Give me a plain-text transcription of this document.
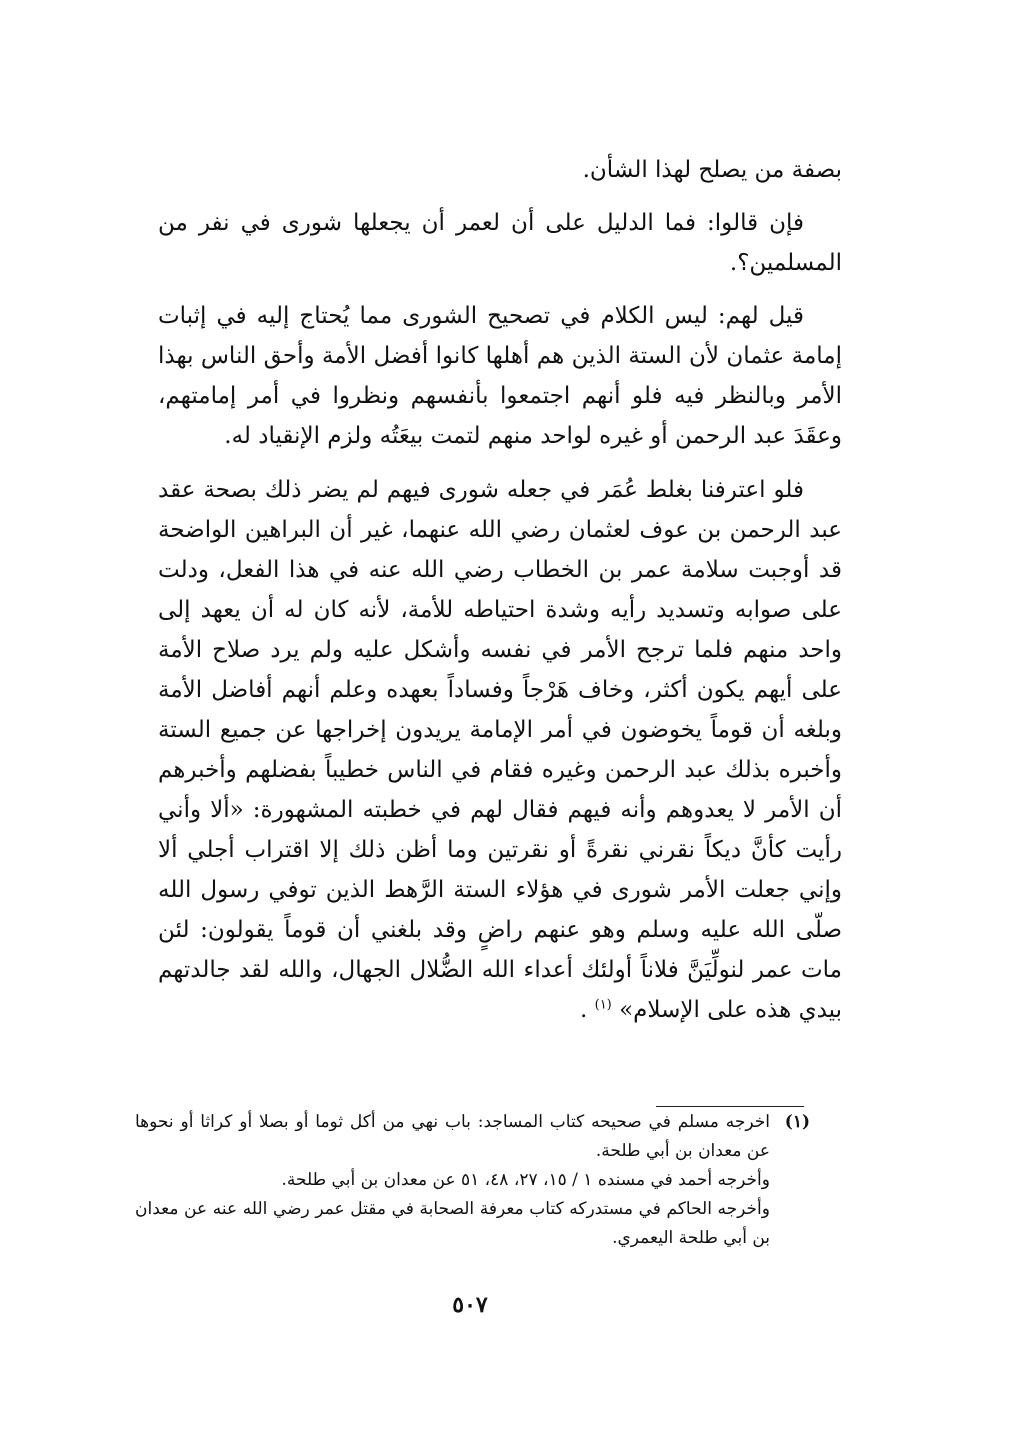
بصفة من يصلح لهذا الشأن.

فإن قالوا: فما الدليل على أن لعمر أن يجعلها شورى في نفر من المسلمين؟.

قيل لهم: ليس الكلام في تصحيح الشورى مما يُحتاج إليه في إثبات إمامة عثمان لأن الستة الذين هم أهلها كانوا أفضل الأمة وأحق الناس بهذا الأمر وبالنظر فيه فلو أنهم اجتمعوا بأنفسهم ونظروا في أمر إمامتهم، وعقَدَ عبد الرحمن أو غيره لواحد منهم لتمت بيعَتُه ولزم الإنقياد له.

فلو اعترفنا بغلط عُمَر في جعله شورى فيهم لم يضر ذلك بصحة عقد عبد الرحمن بن عوف لعثمان رضي الله عنهما، غير أن البراهين الواضحة قد أوجبت سلامة عمر بن الخطاب رضي الله عنه في هذا الفعل، ودلت على صوابه وتسديد رأيه وشدة احتياطه للأمة، لأنه كان له أن يعهد إلى واحد منهم فلما ترجح الأمر في نفسه وأشكل عليه ولم يرد صلاح الأمة على أيهم يكون أكثر، وخاف هَرْجاً وفساداً بعهده وعلم أنهم أفاضل الأمة وبلغه أن قوماً يخوضون في أمر الإمامة يريدون إخراجها عن جميع الستة وأخبره بذلك عبد الرحمن وغيره فقام في الناس خطيباً بفضلهم وأخبرهم أن الأمر لا يعدوهم وأنه فيهم فقال لهم في خطبته المشهورة: «ألا وأني رأيت كأنَّ ديكاً نقرني نقرةً أو نقرتين وما أظن ذلك إلا اقتراب أجلي ألا وإني جعلت الأمر شورى في هؤلاء الستة الرَّهط الذين توفي رسول الله صلّى الله عليه وسلم وهو عنهم راضٍ وقد بلغني أن قوماً يقولون: لئن مات عمر لنولِّيَنَّ فلاناً أولئك أعداء الله الضُّلال الجهال، والله لقد جالدتهم بيدي هذه على الإسلام» $^{(١)}$ .

(١)

اخرجه مسلم في صحيحه كتاب المساجد: باب نهي من أكل ثوما أو بصلا أو كراثا أو نحوها عن معدان بن أبي طلحة.

وأخرجه أحمد في مسنده ١ / ١٥، ٢٧، ٤٨، ٥١ عن معدان بن أبي طلحة.

وأخرجه الحاكم في مستدركه كتاب معرفة الصحابة في مقتل عمر رضي الله عنه عن معدان بن أبي طلحة اليعمري.

٥٠٧
